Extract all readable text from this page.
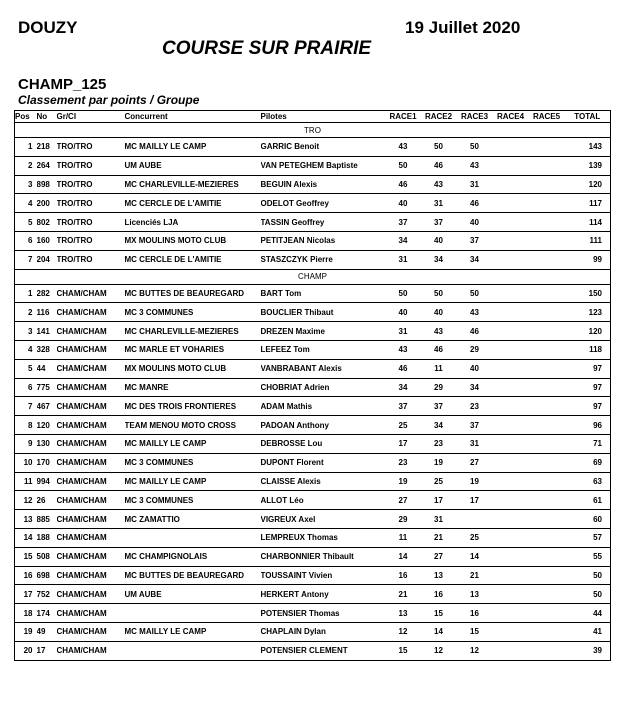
DOUZY	19 Juillet 2020
COURSE SUR PRAIRIE
CHAMP_125
Classement par points / Groupe
Pos	No	Gr/Cl	Concurrent	Pilotes	RACE1	RACE2	RACE3	RACE4	RACE5	TOTAL
TRO										
1	218	TRO/TRO	MC MAILLY LE CAMP	GARRIC Benoit	43	50	50			143
2	264	TRO/TRO	UM AUBE	VAN PETEGHEM Baptiste	50	46	43			139
3	898	TRO/TRO	MC CHARLEVILLE-MEZIERES	BEGUIN Alexis	46	43	31			120
4	200	TRO/TRO	MC CERCLE DE L'AMITIE	ODELOT Geoffrey	40	31	46			117
5	802	TRO/TRO	Licenciés LJA	TASSIN Geoffrey	37	37	40			114
6	160	TRO/TRO	MX MOULINS MOTO CLUB	PETITJEAN Nicolas	34	40	37			111
7	204	TRO/TRO	MC CERCLE DE L'AMITIE	STASZCZYK Pierre	31	34	34			99
CHAMP										
1	282	CHAM/CHAM	MC BUTTES DE BEAUREGARD	BART Tom	50	50	50			150
2	116	CHAM/CHAM	MC 3 COMMUNES	BOUCLIER Thibaut	40	40	43			123
3	141	CHAM/CHAM	MC CHARLEVILLE-MEZIERES	DREZEN Maxime	31	43	46			120
4	328	CHAM/CHAM	MC MARLE ET VOHARIES	LEFEEZ Tom	43	46	29			118
5	44	CHAM/CHAM	MX MOULINS MOTO CLUB	VANBRABANT Alexis	46	11	40			97
6	775	CHAM/CHAM	MC MANRE	CHOBRIAT Adrien	34	29	34			97
7	467	CHAM/CHAM	MC DES TROIS FRONTIERES	ADAM Mathis	37	37	23			97
8	120	CHAM/CHAM	TEAM MENOU MOTO CROSS	PADOAN Anthony	25	34	37			96
9	130	CHAM/CHAM	MC MAILLY LE CAMP	DEBROSSE Lou	17	23	31			71
10	170	CHAM/CHAM	MC 3 COMMUNES	DUPONT Florent	23	19	27			69
11	994	CHAM/CHAM	MC MAILLY LE CAMP	CLAISSE Alexis	19	25	19			63
12	26	CHAM/CHAM	MC 3 COMMUNES	ALLOT Léo	27	17	17			61
13	885	CHAM/CHAM	MC ZAMATTIO	VIGREUX Axel	29	31				60
14	188	CHAM/CHAM		LEMPREUX Thomas	11	21	25			57
15	508	CHAM/CHAM	MC CHAMPIGNOLAIS	CHARBONNIER Thibault	14	27	14			55
16	698	CHAM/CHAM	MC BUTTES DE BEAUREGARD	TOUSSAINT Vivien	16	13	21			50
17	752	CHAM/CHAM	UM AUBE	HERKERT Antony	21	16	13			50
18	174	CHAM/CHAM		POTENSIER Thomas	13	15	16			44
19	49	CHAM/CHAM	MC MAILLY LE CAMP	CHAPLAIN Dylan	12	14	15			41
20	17	CHAM/CHAM		POTENSIER CLEMENT	15	12	12			39
